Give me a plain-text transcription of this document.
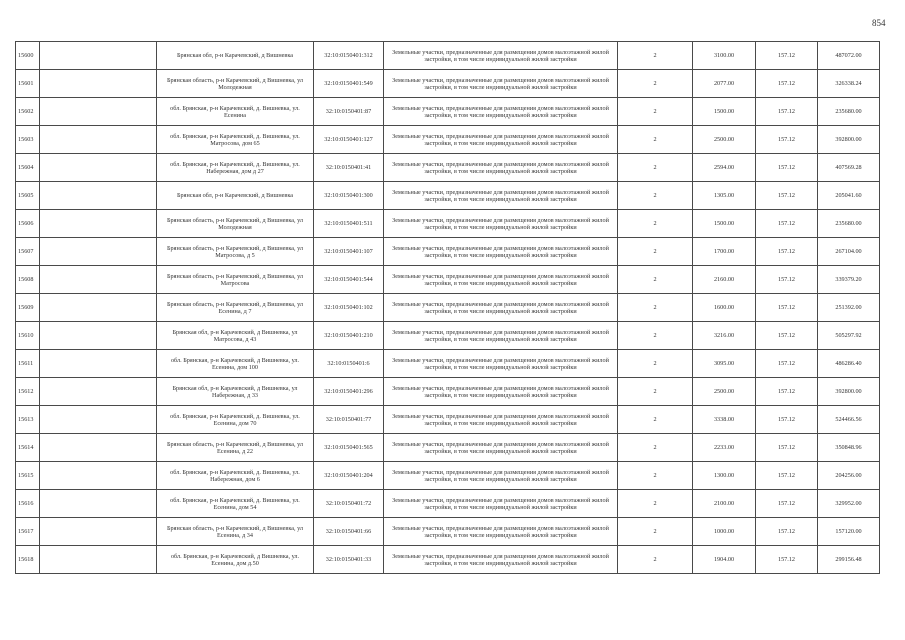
854
15600		Брянская обл, р-н Карачевский, д Вишневка	32:10:0150401:312	Земельные участки, предназначенные для размещения домов малоэтажной жилой застройки, в том числе индивидуальной жилой застройки	2	3100.00	157.12	487072.00
15601		Брянская область, р-н Карачевский, д Вишневка, ул Молодежная	32:10:0150401:549	Земельные участки, предназначенные для размещения домов малоэтажной жилой застройки, в том числе индивидуальной жилой застройки	2	2077.00	157.12	326338.24
15602		обл. Брянская, р-н Карачевский, д. Вишневка, ул. Есенина	32:10:0150401:87	Земельные участки, предназначенные для размещения домов малоэтажной жилой застройки, в том числе индивидуальной жилой застройки	2	1500.00	157.12	235680.00
15603		обл. Брянская, р-н Карачевский, д. Вишневка, ул. Матросова, дом 65	32:10:0150401:127	Земельные участки, предназначенные для размещения домов малоэтажной жилой застройки, в том числе индивидуальной жилой застройки	2	2500.00	157.12	392800.00
15604		обл. Брянская, р-н Карачевский, д. Вишневка, ул. Набережная, дом д 27	32:10:0150401:41	Земельные участки, предназначенные для размещения домов малоэтажной жилой застройки, в том числе индивидуальной жилой застройки	2	2594.00	157.12	407569.28
15605		Брянская обл, р-н Карачевский, д Вишневка	32:10:0150401:300	Земельные участки, предназначенные для размещения домов малоэтажной жилой застройки, в том числе индивидуальной жилой застройки	2	1305.00	157.12	205041.60
15606		Брянская область, р-н Карачевский, д Вишневка, ул Молодежная	32:10:0150401:511	Земельные участки, предназначенные для размещения домов малоэтажной жилой застройки, в том числе индивидуальной жилой застройки	2	1500.00	157.12	235680.00
15607		Брянская область, р-н Карачевский, д Вишневка, ул Матросова, д 5	32:10:0150401:107	Земельные участки, предназначенные для размещения домов малоэтажной жилой застройки, в том числе индивидуальной жилой застройки	2	1700.00	157.12	267104.00
15608		Брянская область, р-н Карачевский, д Вишневка, ул Матросова	32:10:0150401:544	Земельные участки, предназначенные для размещения домов малоэтажной жилой застройки, в том числе индивидуальной жилой застройки	2	2160.00	157.12	339379.20
15609		Брянская область, р-н Карачевский, д Вишневка, ул Есенина, д 7	32:10:0150401:102	Земельные участки, предназначенные для размещения домов малоэтажной жилой застройки, в том числе индивидуальной жилой застройки	2	1600.00	157.12	251392.00
15610		Брянская обл, р-н Карачевский, д Вишневка, ул Матросова, д 43	32:10:0150401:210	Земельные участки, предназначенные для размещения домов малоэтажной жилой застройки, в том числе индивидуальной жилой застройки	2	3216.00	157.12	505297.92
15611		обл. Брянская, р-н Карачевский, д Вишневка, ул. Есенина, дом 100	32:10:0150401:6	Земельные участки, предназначенные для размещения домов малоэтажной жилой застройки, в том числе индивидуальной жилой застройки	2	3095.00	157.12	486286.40
15612		Брянская обл, р-н Карачевский, д Вишневка, ул Набережная, д 33	32:10:0150401:296	Земельные участки, предназначенные для размещения домов малоэтажной жилой застройки, в том числе индивидуальной жилой застройки	2	2500.00	157.12	392800.00
15613		обл. Брянская, р-н Карачевский, д. Вишневка, ул. Есенина, дом 70	32:10:0150401:77	Земельные участки, предназначенные для размещения домов малоэтажной жилой застройки, в том числе индивидуальной жилой застройки	2	3338.00	157.12	524466.56
15614		Брянская область, р-н Карачевский, д Вишневка, ул Есенина, д 22	32:10:0150401:565	Земельные участки, предназначенные для размещения домов малоэтажной жилой застройки, в том числе индивидуальной жилой застройки	2	2233.00	157.12	350848.96
15615		обл. Брянская, р-н Карачевский, д. Вишневка, ул. Набережная, дом 6	32:10:0150401:204	Земельные участки, предназначенные для размещения домов малоэтажной жилой застройки, в том числе индивидуальной жилой застройки	2	1300.00	157.12	204256.00
15616		обл. Брянская, р-н Карачевский, д. Вишневка, ул. Есенина, дом 54	32:10:0150401:72	Земельные участки, предназначенные для размещения домов малоэтажной жилой застройки, в том числе индивидуальной жилой застройки	2	2100.00	157.12	329952.00
15617		Брянская область, р-н Карачевский, д Вишневка, ул Есенина, д 34	32:10:0150401:66	Земельные участки, предназначенные для размещения домов малоэтажной жилой застройки, в том числе индивидуальной жилой застройки	2	1000.00	157.12	157120.00
15618		обл. Брянская, р-н Карачевский, д Вишневка, ул. Есенина, дом д.50	32:10:0150401:33	Земельные участки, предназначенные для размещения домов малоэтажной жилой застройки, в том числе индивидуальной жилой застройки	2	1904.00	157.12	299156.48
